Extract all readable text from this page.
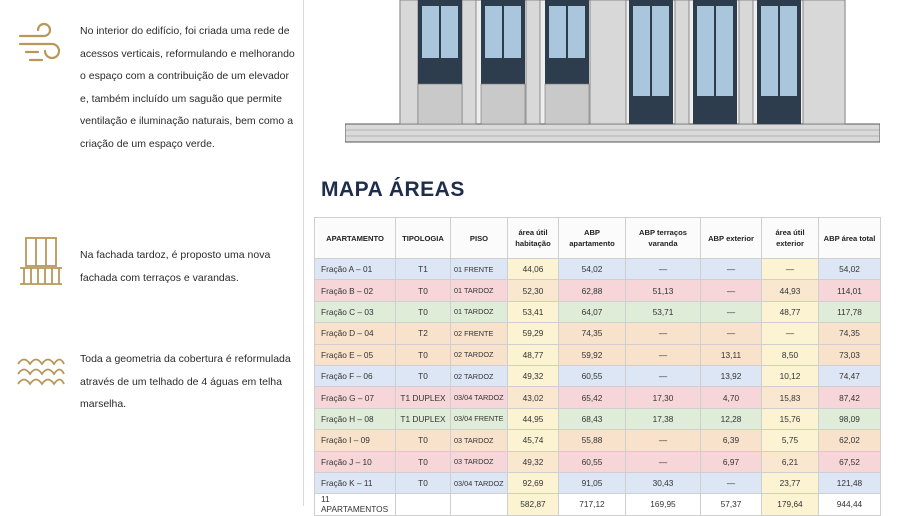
No interior do edifício, foi criada uma rede de acessos verticais, reformulando e melhorando o espaço com a contribuição de um elevador e, também incluído um saguão que permite ventilação e iluminação naturais, bem como a criação de um espaço verde.
Na fachada tardoz, é proposto uma nova fachada com terraços e varandas.
Toda a geometria da cobertura é reformulada através de um telhado de 4 águas em telha marselha.
MAPA ÁREAS
APARTAMENTO	TIPOLOGIA	PISO	área útil habitação	ABP apartamento	ABP terraços varanda	ABP exterior	área útil exterior	ABP área total
Fração A – 01	T1	01 FRENTE	44,06	54,02	—	—	—	54,02
Fração B – 02	T0	01 TARDOZ	52,30	62,88	51,13	—	44,93	114,01
Fração C – 03	T0	01 TARDOZ	53,41	64,07	53,71	—	48,77	117,78
Fração D – 04	T2	02 FRENTE	59,29	74,35	—	—	—	74,35
Fração E – 05	T0	02 TARDOZ	48,77	59,92	—	13,11	8,50	73,03
Fração F – 06	T0	02 TARDOZ	49,32	60,55	—	13,92	10,12	74,47
Fração G – 07	T1 DUPLEX	03/04 TARDOZ	43,02	65,42	17,30	4,70	15,83	87,42
Fração H – 08	T1 DUPLEX	03/04 FRENTE	44,95	68,43	17,38	12,28	15,76	98,09
Fração I – 09	T0	03 TARDOZ	45,74	55,88	—	6,39	5,75	62,02
Fração J – 10	T0	03 TARDOZ	49,32	60,55	—	6,97	6,21	67,52
Fração K – 11	T0	03/04 TARDOZ	92,69	91,05	30,43	—	23,77	121,48
11 APARTAMENTOS			582,87	717,12	169,95	57,37	179,64	944,44
